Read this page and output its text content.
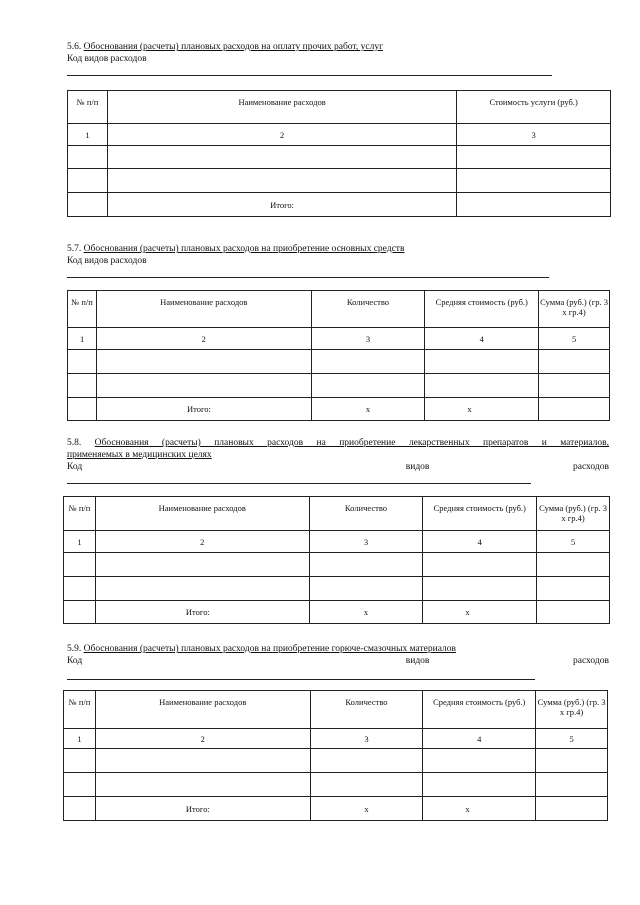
5.6. Обоснования (расчеты) плановых расходов на оплату прочих работ, услуг
Код видов расходов
№ п/п	Наименование расходов	Стоимость услуги (руб.)
1	2	3

	Итого:	
5.7. Обоснования (расчеты) плановых расходов на приобретение основных средств
Код видов расходов
№ п/п	Наименование расходов	Количество	Средняя стоимость (руб.)	Сумма (руб.) (гр. 3 х гр.4)
1	2	3	4	5

	Итого:	х	х	
5.8. Обоснования (расчеты) плановых расходов на приобретение лекарственных препаратов и материалов,
применяемых в медицинских целях
Код	видов	расходов
№ п/п	Наименование расходов	Количество	Средняя стоимость (руб.)	Сумма (руб.) (гр. 3 х гр.4)
1	2	3	4	5

	Итого:	х	х	
5.9. Обоснования (расчеты) плановых расходов на приобретение горюче-смазочных материалов
Код	видов	расходов
№ п/п	Наименование расходов	Количество	Средняя стоимость (руб.)	Сумма (руб.) (гр. 3 х гр.4)
1	2	3	4	5

	Итого:	х	х	
